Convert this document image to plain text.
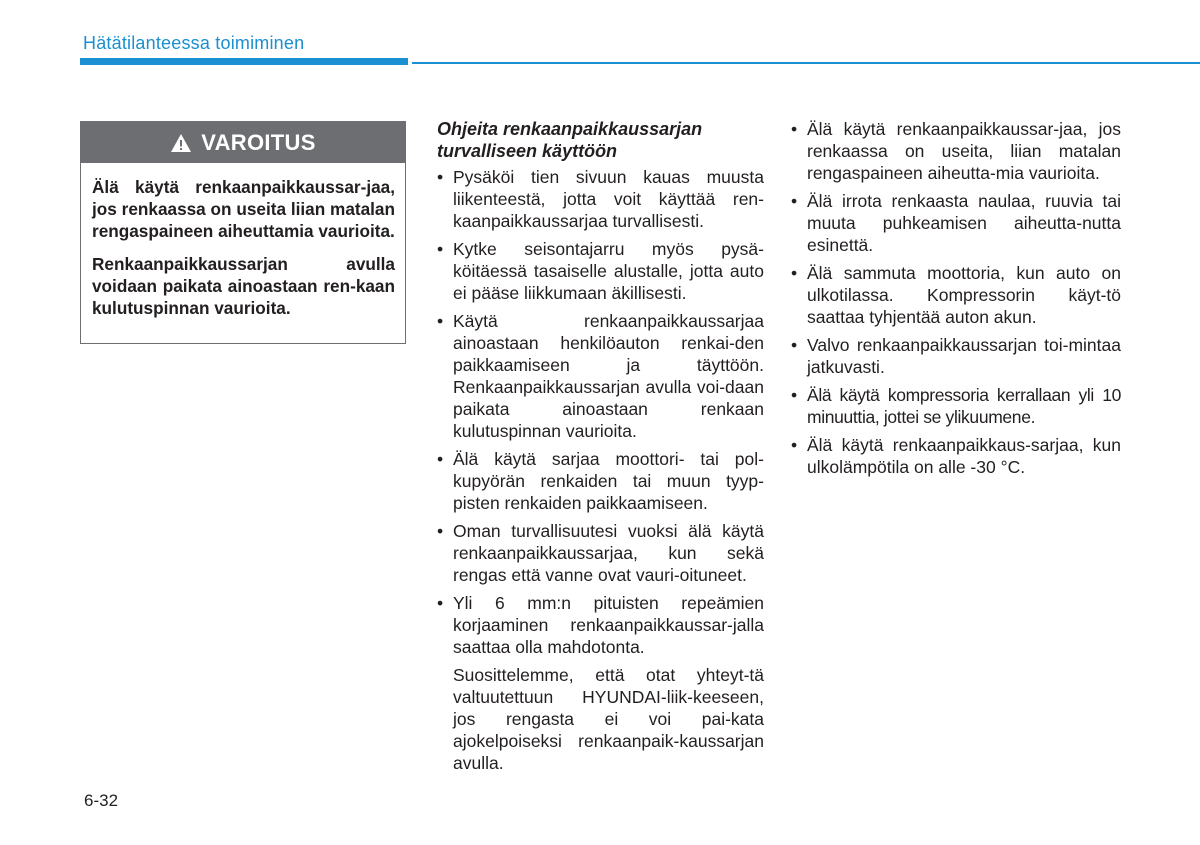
Hätätilanteessa toimiminen
VAROITUS

Älä käytä renkaanpaikkaussar-jaa, jos renkaassa on useita liian matalan rengaspaineen aiheuttamia vaurioita.

Renkaanpaikkaussarjan avulla voidaan paikata ainoastaan ren-kaan kulutuspinnan vaurioita.

Ohjeita renkaanpaikkaussarjan turvalliseen käyttöön
• Pysäköi tien sivuun kauas muusta liikenteestä, jotta voit käyttää ren-kaanpaikkaussarjaa turvallisesti.
• Kytke seisontajarru myös pysä-köitäessä tasaiselle alustalle, jotta auto ei pääse liikkumaan äkillisesti.
• Käytä renkaanpaikkaussarjaa ainoastaan henkilöauton renkai-den paikkaamiseen ja täyttöön. Renkaanpaikkaussarjan avulla voi-daan paikata ainoastaan renkaan kulutuspinnan vaurioita.
• Älä käytä sarjaa moottori- tai pol-kupyörän renkaiden tai muun tyyp-pisten renkaiden paikkaamiseen.
• Oman turvallisuutesi vuoksi älä käytä renkaanpaikkaussarjaa, kun sekä rengas että vanne ovat vauri-oituneet.
• Yli 6 mm:n pituisten repeämien korjaaminen renkaanpaikkaussar-jalla saattaa olla mahdotonta.

Suosittelemme, että otat yhteyt-tä valtuutettuun HYUNDAI-liik-keeseen, jos rengasta ei voi pai-kata ajokelpoiseksi renkaanpaik-kaussarjan avulla.

• Älä käytä renkaanpaikkaussar-jaa, jos renkaassa on useita, liian matalan rengaspaineen aiheutta-mia vaurioita.
• Älä irrota renkaasta naulaa, ruuvia tai muuta puhkeamisen aiheutta-nutta esinettä.
• Älä sammuta moottoria, kun auto on ulkotilassa. Kompressorin käyt-tö saattaa tyhjentää auton akun.
• Valvo renkaanpaikkaussarjan toi-mintaa jatkuvasti.
• Älä käytä kompressoria kerrallaan yli 10 minuuttia, jottei se ylikuumene.
• Älä käytä renkaanpaikkaus-sarjaa, kun ulkolämpötila on alle -30 °C.
6-32
